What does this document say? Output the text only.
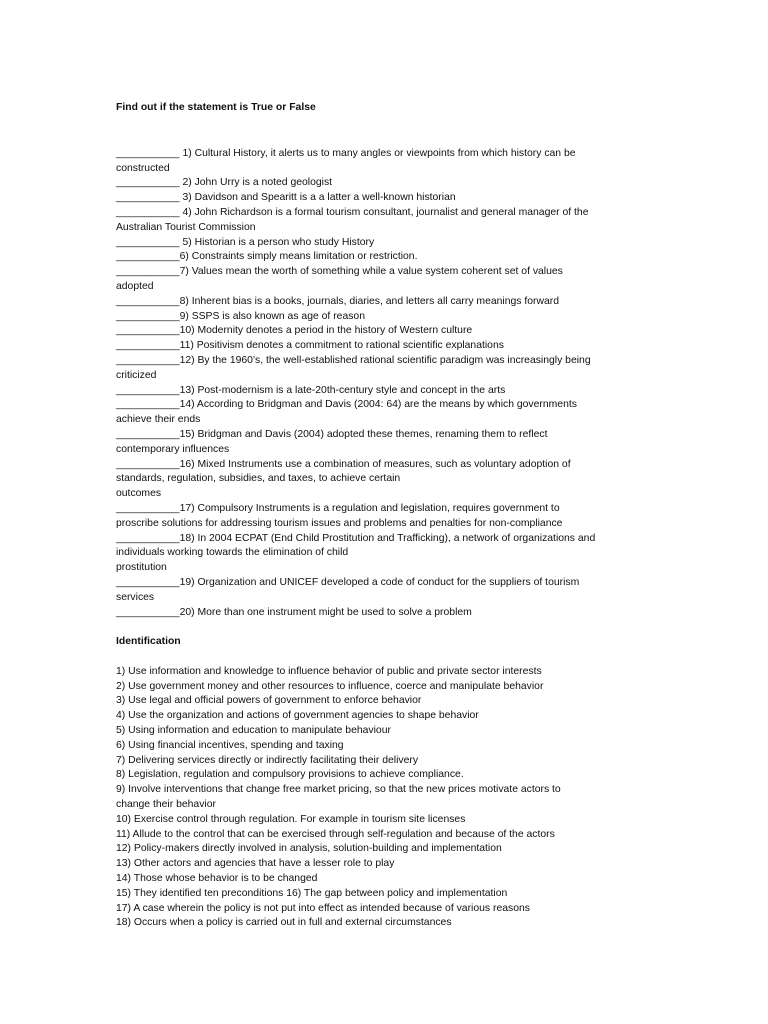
Find out if the statement is True or False

___________ 1) Cultural History, it alerts us to many angles or viewpoints from which history can be

constructed

___________ 2) John Urry is a noted geologist

___________ 3) Davidson and Spearitt is a a latter a well-known historian

___________ 4) John Richardson is a formal tourism consultant, journalist and general manager of the

Australian Tourist Commission

___________ 5) Historian is a person who study History

___________6) Constraints simply means limitation or restriction.

___________7) Values mean the worth of something while a value system coherent set of values

adopted

___________8) Inherent bias is a books, journals, diaries, and letters all carry meanings forward

___________9) SSPS is also known as age of reason

___________10) Modernity denotes a period in the history of Western culture

___________11) Positivism denotes a commitment to rational scientific explanations

___________12) By the 1960’s, the well-established rational scientific paradigm was increasingly being

criticized

___________13) Post-modernism is a late-20th-century style and concept in the arts

___________14) According to Bridgman and Davis (2004: 64) are the means by which governments

achieve their ends

___________15) Bridgman and Davis (2004) adopted these themes, renaming them to reflect

contemporary influences

___________16) Mixed Instruments use a combination of measures, such as voluntary adoption of

standards, regulation, subsidies, and taxes, to achieve certain

outcomes

___________17) Compulsory Instruments is a regulation and legislation, requires government to

proscribe solutions for addressing tourism issues and problems and penalties for non-compliance

___________18) In 2004 ECPAT (End Child Prostitution and Trafficking), a network of organizations and

individuals working towards the elimination of child

prostitution

___________19) Organization and UNICEF developed a code of conduct for the suppliers of tourism

services

___________20) More than one instrument might be used to solve a problem

Identification

1) Use information and knowledge to influence behavior of public and private sector interests

2) Use government money and other resources to influence, coerce and manipulate behavior

3) Use legal and official powers of government to enforce behavior

4) Use the organization and actions of government agencies to shape behavior

5) Using information and education to manipulate behaviour

6) Using financial incentives, spending and taxing

7) Delivering services directly or indirectly facilitating their delivery

8) Legislation, regulation and compulsory provisions to achieve compliance.

9) Involve interventions that change free market pricing, so that the new prices motivate actors to

change their behavior

10) Exercise control through regulation. For example in tourism site licenses

11) Allude to the control that can be exercised through self-regulation and because of the actors

12) Policy-makers directly involved in analysis, solution-building and implementation

13) Other actors and agencies that have a lesser role to play

14) Those whose behavior is to be changed

15) They identified ten preconditions 16) The gap between policy and implementation

17) A case wherein the policy is not put into effect as intended because of various reasons

18) Occurs when a policy is carried out in full and external circumstances
